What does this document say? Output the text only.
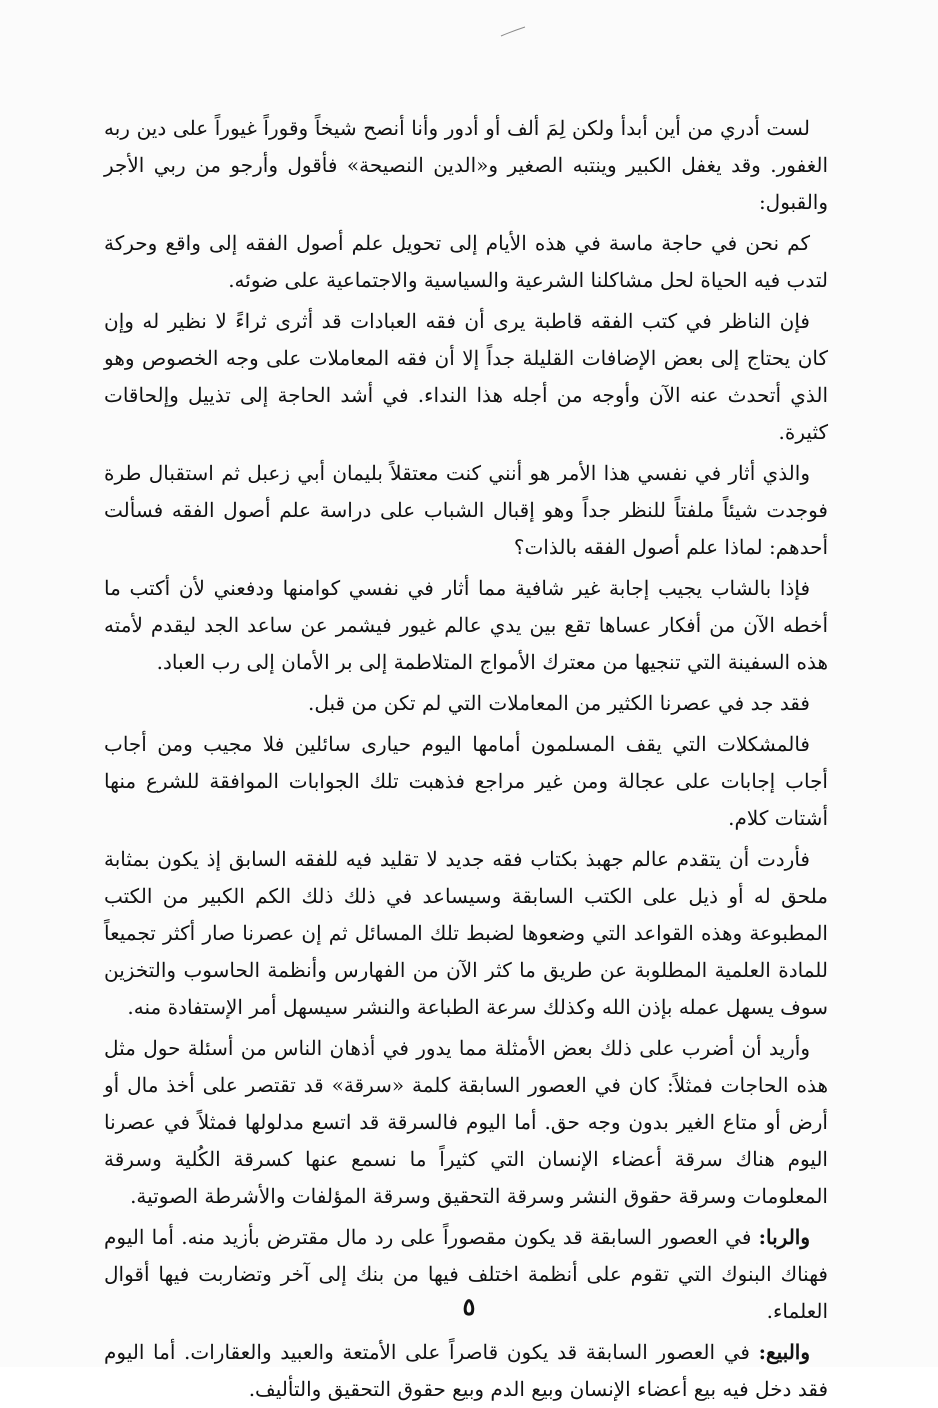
لست أدري من أين أبدأ ولكن لِمَ ألف أو أدور وأنا أنصح شيخاً وقوراً غيوراً على دين ربه الغفور. وقد يغفل الكبير وينتبه الصغير و«الدين النصيحة» فأقول وأرجو من ربي الأجر والقبول:

كم نحن في حاجة ماسة في هذه الأيام إلى تحويل علم أصول الفقه إلى واقع وحركة لتدب فيه الحياة لحل مشاكلنا الشرعية والسياسية والاجتماعية على ضوئه.

فإن الناظر في كتب الفقه قاطبة يرى أن فقه العبادات قد أثرى ثراءً لا نظير له وإن كان يحتاج إلى بعض الإضافات القليلة جداً إلا أن فقه المعاملات على وجه الخصوص وهو الذي أتحدث عنه الآن وأوجه من أجله هذا النداء. في أشد الحاجة إلى تذييل وإلحاقات كثيرة.

والذي أثار في نفسي هذا الأمر هو أنني كنت معتقلاً بليمان أبي زعبل ثم استقبال طرة فوجدت شيئاً ملفتاً للنظر جداً وهو إقبال الشباب على دراسة علم أصول الفقه فسألت أحدهم: لماذا علم أصول الفقه بالذات؟

فإذا بالشاب يجيب إجابة غير شافية مما أثار في نفسي كوامنها ودفعني لأن أكتب ما أخطه الآن من أفكار عساها تقع بين يدي عالم غيور فيشمر عن ساعد الجد ليقدم لأمته هذه السفينة التي تنجيها من معترك الأمواج المتلاطمة إلى بر الأمان إلى رب العباد.

فقد جد في عصرنا الكثير من المعاملات التي لم تكن من قبل.

فالمشكلات التي يقف المسلمون أمامها اليوم حيارى سائلين فلا مجيب ومن أجاب أجاب إجابات على عجالة ومن غير مراجع فذهبت تلك الجوابات الموافقة للشرع منها أشتات كلام.

فأردت أن يتقدم عالم جهبذ بكتاب فقه جديد لا تقليد فيه للفقه السابق إذ يكون بمثابة ملحق له أو ذيل على الكتب السابقة وسيساعد في ذلك ذلك الكم الكبير من الكتب المطبوعة وهذه القواعد التي وضعوها لضبط تلك المسائل ثم إن عصرنا صار أكثر تجميعاً للمادة العلمية المطلوبة عن طريق ما كثر الآن من الفهارس وأنظمة الحاسوب والتخزين سوف يسهل عمله بإذن الله وكذلك سرعة الطباعة والنشر سيسهل أمر الإستفادة منه.

وأريد أن أضرب على ذلك بعض الأمثلة مما يدور في أذهان الناس من أسئلة حول مثل هذه الحاجات فمثلاً: كان في العصور السابقة كلمة «سرقة» قد تقتصر على أخذ مال أو أرض أو متاع الغير بدون وجه حق. أما اليوم فالسرقة قد اتسع مدلولها فمثلاً في عصرنا اليوم هناك سرقة أعضاء الإنسان التي كثيراً ما نسمع عنها كسرقة الكُلية وسرقة المعلومات وسرقة حقوق النشر وسرقة التحقيق وسرقة المؤلفات والأشرطة الصوتية.

والربا: في العصور السابقة قد يكون مقصوراً على رد مال مقترض بأزيد منه. أما اليوم فهناك البنوك التي تقوم على أنظمة اختلف فيها من بنك إلى آخر وتضاربت فيها أقوال العلماء.

والبيع: في العصور السابقة قد يكون قاصراً على الأمتعة والعبيد والعقارات. أما اليوم فقد دخل فيه بيع أعضاء الإنسان وبيع الدم وبيع حقوق التحقيق والتأليف.

٥
